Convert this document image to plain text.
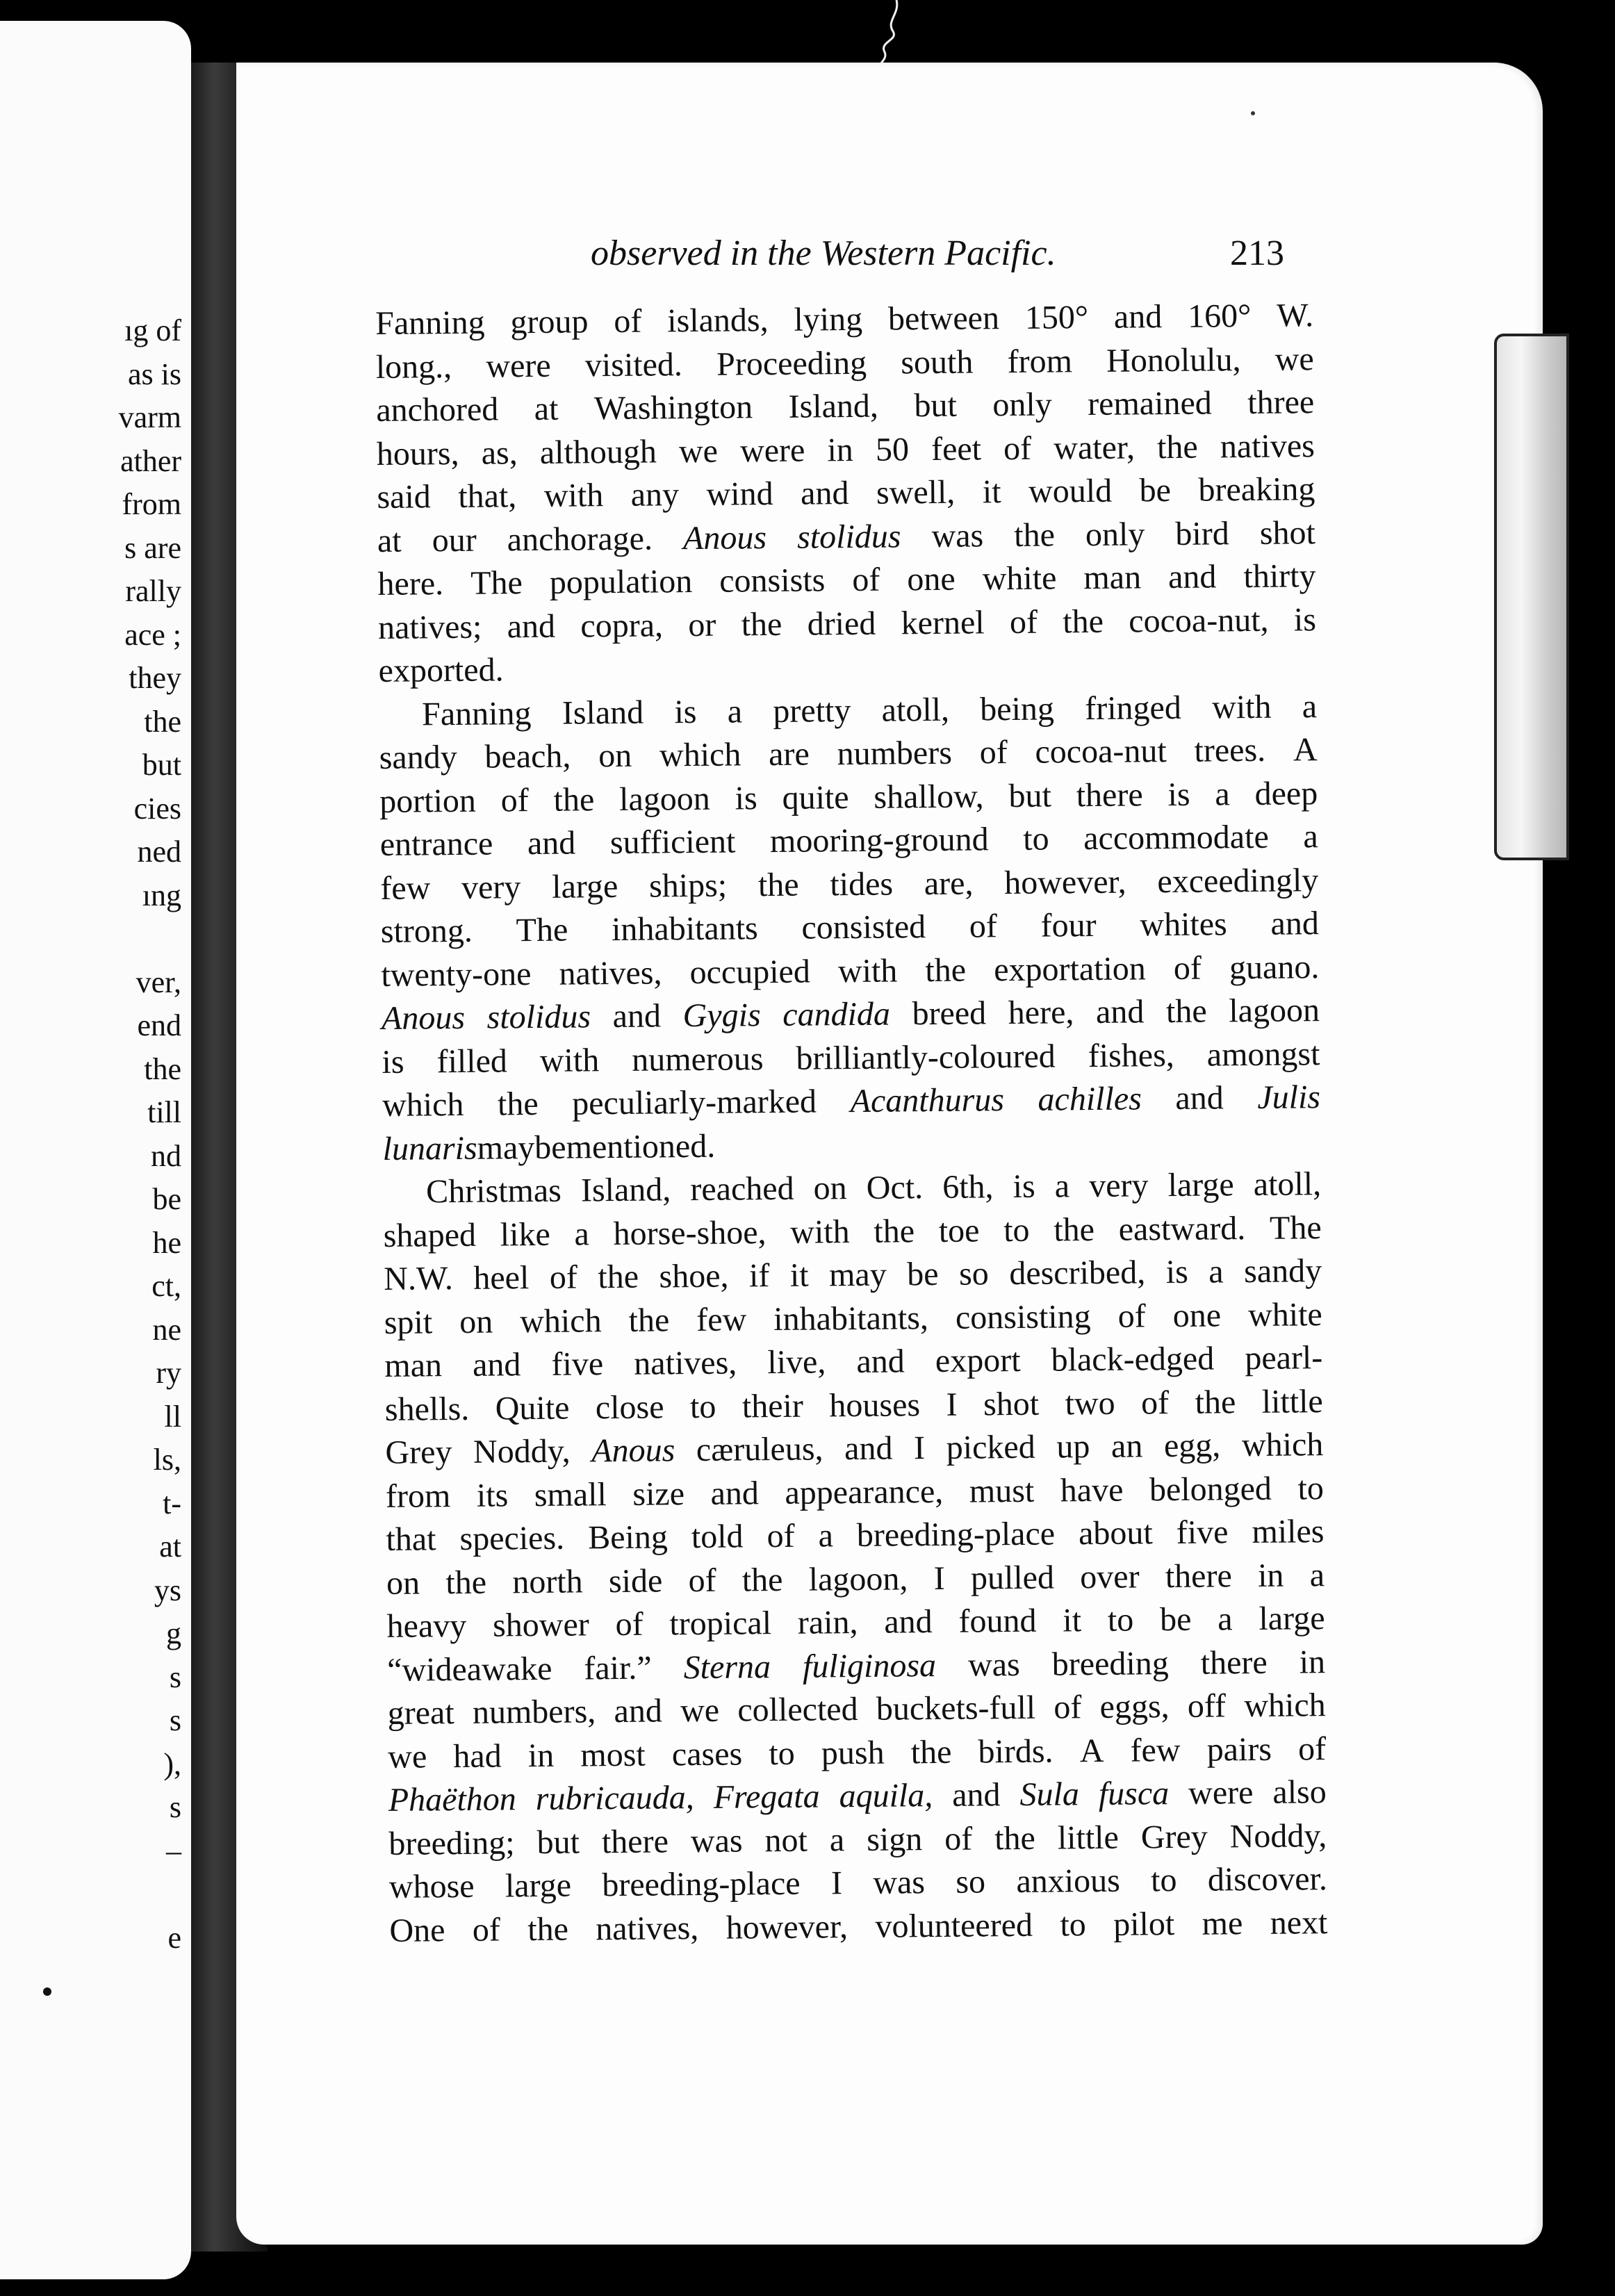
ıg of
as is
varm
ather
from
s are
rally
ace ;
they
the
but
cies
ned
ıng

ver,
end
the
till
nd
be
he
ct,
ne
ry
ll
ls,
t-
at
ys
g
s
s
),
s
–

e
observed in the Western Pacific.	213
Fanning group of islands, lying between 150° and 160° W.
long., were visited. Proceeding south from Honolulu, we
anchored at Washington Island, but only remained three
hours, as, although we were in 50 feet of water, the natives
said that, with any wind and swell, it would be breaking
at our anchorage. Anous stolidus was the only bird shot
here. The population consists of one white man and thirty
natives; and copra, or the dried kernel of the cocoa-nut, is
exported.
Fanning Island is a pretty atoll, being fringed with a
sandy beach, on which are numbers of cocoa-nut trees. A
portion of the lagoon is quite shallow, but there is a deep
entrance and sufficient mooring-ground to accommodate a
few very large ships; the tides are, however, exceedingly
strong. The inhabitants consisted of four whites and
twenty-one natives, occupied with the exportation of guano.
Anous stolidus and Gygis candida breed here, and the lagoon
is filled with numerous brilliantly-coloured fishes, amongst
which the peculiarly-marked Acanthurus achilles and Julis
lunaris may be mentioned.
Christmas Island, reached on Oct. 6th, is a very large atoll,
shaped like a horse-shoe, with the toe to the eastward. The
N.W. heel of the shoe, if it may be so described, is a sandy
spit on which the few inhabitants, consisting of one white
man and five natives, live, and export black-edged pearl-
shells. Quite close to their houses I shot two of the little
Grey Noddy, Anous cæruleus, and I picked up an egg, which
from its small size and appearance, must have belonged to
that species. Being told of a breeding-place about five miles
on the north side of the lagoon, I pulled over there in a
heavy shower of tropical rain, and found it to be a large
“wideawake fair.” Sterna fuliginosa was breeding there in
great numbers, and we collected buckets-full of eggs, off which
we had in most cases to push the birds. A few pairs of
Phaëthon rubricauda, Fregata aquila, and Sula fusca were also
breeding; but there was not a sign of the little Grey Noddy,
whose large breeding-place I was so anxious to discover.
One of the natives, however, volunteered to pilot me next
